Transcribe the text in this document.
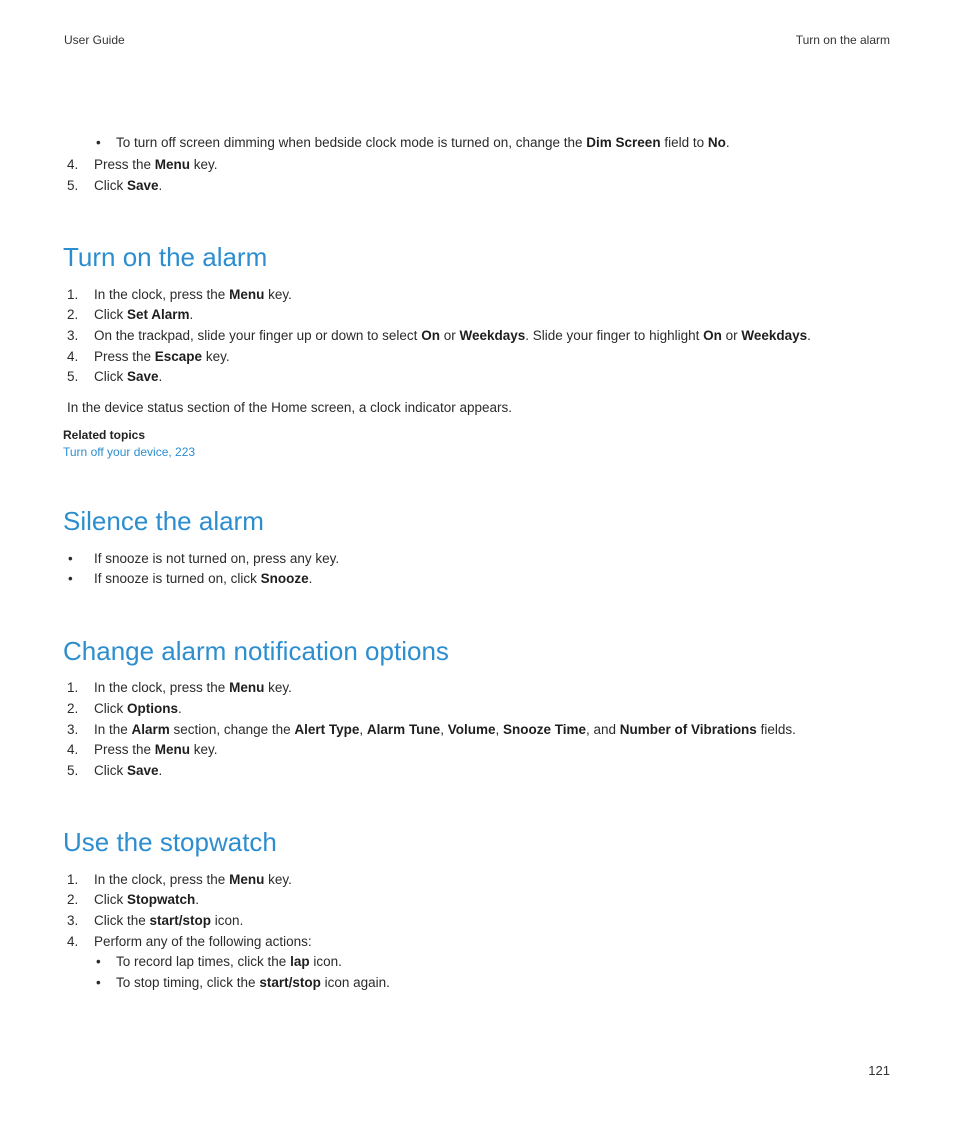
User Guide	Turn on the alarm
• To turn off screen dimming when bedside clock mode is turned on, change the Dim Screen field to No.
4.	Press the Menu key.
5.	Click Save.
Turn on the alarm
1.	In the clock, press the Menu key.
2.	Click Set Alarm.
3.	On the trackpad, slide your finger up or down to select On or Weekdays. Slide your finger to highlight On or Weekdays.
4.	Press the Escape key.
5.	Click Save.
In the device status section of the Home screen, a clock indicator appears.
Related topics
Turn off your device, 223
Silence the alarm
• If snooze is not turned on, press any key.
• If snooze is turned on, click Snooze.
Change alarm notification options
1.	In the clock, press the Menu key.
2.	Click Options.
3.	In the Alarm section, change the Alert Type, Alarm Tune, Volume, Snooze Time, and Number of Vibrations fields.
4.	Press the Menu key.
5.	Click Save.
Use the stopwatch
1.	In the clock, press the Menu key.
2.	Click Stopwatch.
3.	Click the start/stop icon.
4.	Perform any of the following actions:
• To record lap times, click the lap icon.
• To stop timing, click the start/stop icon again.
121
